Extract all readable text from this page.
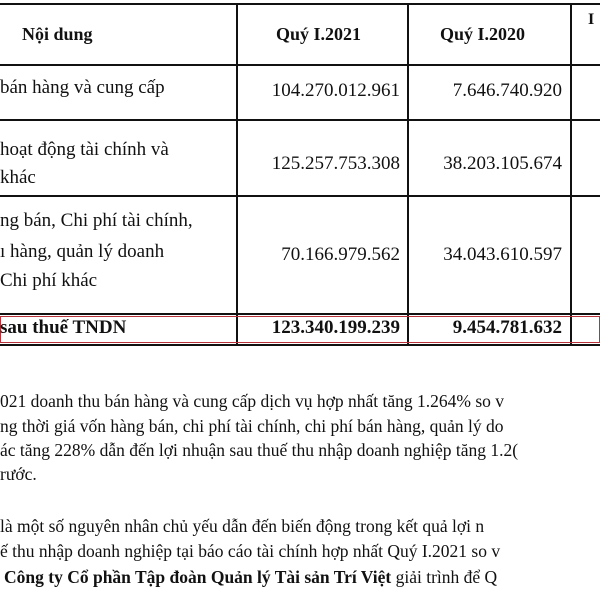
Nội dung	Quý I.2021	Quý I.2020
I
bán hàng và cung cấp	104.270.012.961	7.646.740.920
hoạt động tài chính và
khác
125.257.753.308	38.203.105.674
ng bán, Chi phí tài chính,
ı hàng, quản lý doanh
Chi phí khác
70.166.979.562	34.043.610.597
sau thuế TNDN	123.340.199.239	9.454.781.632
021 doanh thu bán hàng và cung cấp dịch vụ hợp nhất tăng 1.264% so v
ng thời giá vốn hàng bán, chi phí tài chính, chi phí bán hàng, quản lý do
ác tăng 228% dẫn đến lợi nhuận sau thuế thu nhập doanh nghiệp tăng 1.2(
rước.
là một số nguyên nhân chủ yếu dẫn đến biến động trong kết quả lợi n
ế thu nhập doanh nghiệp tại báo cáo tài chính hợp nhất Quý I.2021 so v
Công ty Cổ phần Tập đoàn Quản lý Tài sản Trí Việt giải trình để Q
